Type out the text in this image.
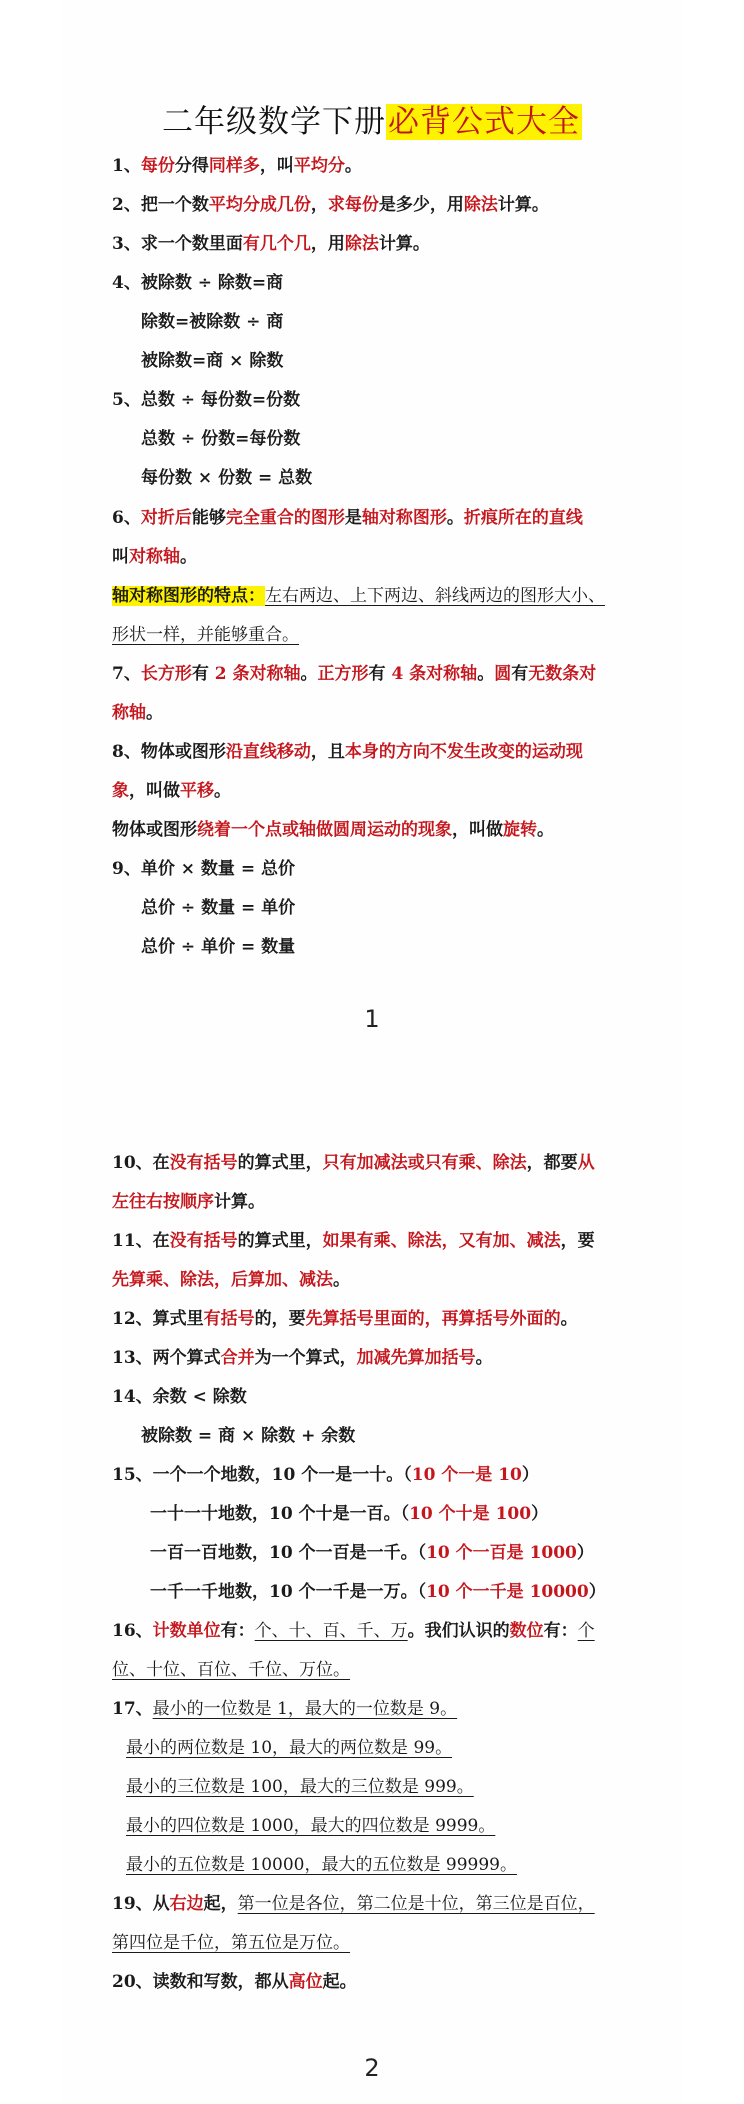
二年级数学下册必背公式大全
1、每份分得同样多，叫平均分。
2、把一个数平均分成几份，求每份是多少，用除法计算。
3、求一个数里面有几个几，用除法计算。
4、被除数 ÷ 除数=商
除数=被除数 ÷ 商
被除数=商 × 除数
5、总数 ÷ 每份数=份数
总数 ÷ 份数=每份数
每份数 × 份数 = 总数
6、对折后能够完全重合的图形是轴对称图形。折痕所在的直线
叫对称轴。
轴对称图形的特点：左右两边、上下两边、斜线两边的图形大小、
形状一样，并能够重合。
7、长方形有 2 条对称轴。正方形有 4 条对称轴。圆有无数条对
称轴。
8、物体或图形沿直线移动，且本身的方向不发生改变的运动现
象，叫做平移。
物体或图形绕着一个点或轴做圆周运动的现象，叫做旋转。
9、单价 × 数量 = 总价
总价 ÷ 数量 = 单价
总价 ÷ 单价 = 数量
1
10、在没有括号的算式里，只有加减法或只有乘、除法，都要从
左往右按顺序计算。
11、在没有括号的算式里，如果有乘、除法，又有加、减法，要
先算乘、除法，后算加、减法。
12、算式里有括号的，要先算括号里面的，再算括号外面的。
13、两个算式合并为一个算式，加减先算加括号。
14、余数 < 除数
被除数 = 商 × 除数 + 余数
15、一个一个地数，10 个一是一十。（10 个一是 10）
一十一十地数，10 个十是一百。（10 个十是 100）
一百一百地数，10 个一百是一千。（10 个一百是 1000）
一千一千地数，10 个一千是一万。（10 个一千是 10000）
16、计数单位有：个、十、百、千、万。我们认识的数位有：个
位、十位、百位、千位、万位。
17、最小的一位数是 1，最大的一位数是 9。
最小的两位数是 10，最大的两位数是 99。
最小的三位数是 100，最大的三位数是 999。
最小的四位数是 1000，最大的四位数是 9999。
最小的五位数是 10000，最大的五位数是 99999。
19、从右边起，第一位是各位，第二位是十位，第三位是百位，
第四位是千位，第五位是万位。
20、读数和写数，都从高位起。
2
